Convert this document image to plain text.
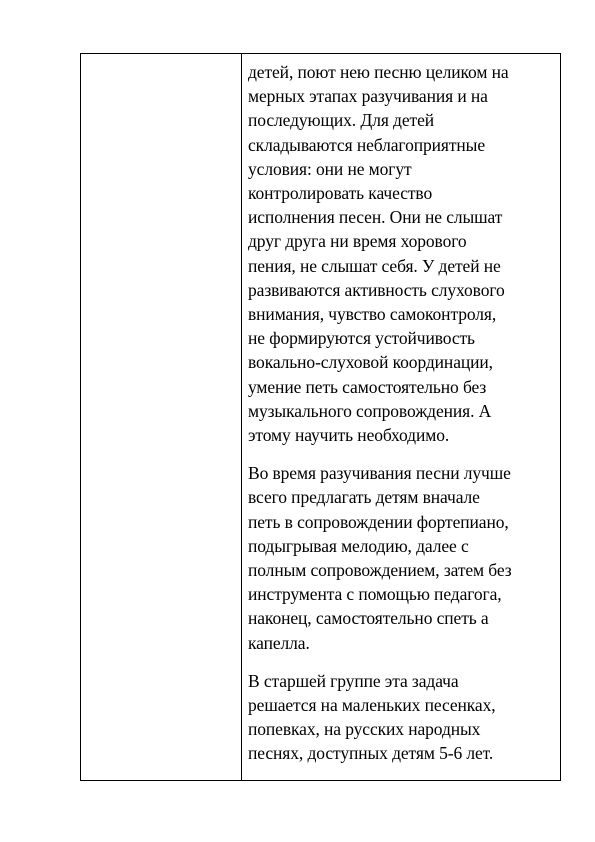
детей, поют нею песню целиком на
мерных этапах разучивания и на
последующих. Для детей
складываются неблагоприятные
условия: они не могут
контролировать качество
исполнения песен. Они не слышат
друг друга ни время хорового
пения, не слышат себя. У детей не
развиваются активность слухового
внимания, чувство самоконтроля,
не формируются устойчивость
вокально-слуховой координации,
умение петь самостоятельно без
музыкального сопровождения. А
этому научить необходимо.

Во время разучивания песни лучше
всего предлагать детям вначале
петь в сопровождении фортепиано,
подыгрывая мелодию, далее с
полным сопровождением, затем без
инструмента с помощью педагога,
наконец, самостоятельно спеть а
капелла.

В старшей группе эта задача
решается на маленьких песенках,
попевках, на русских народных
песнях, доступных детям 5-6 лет.
